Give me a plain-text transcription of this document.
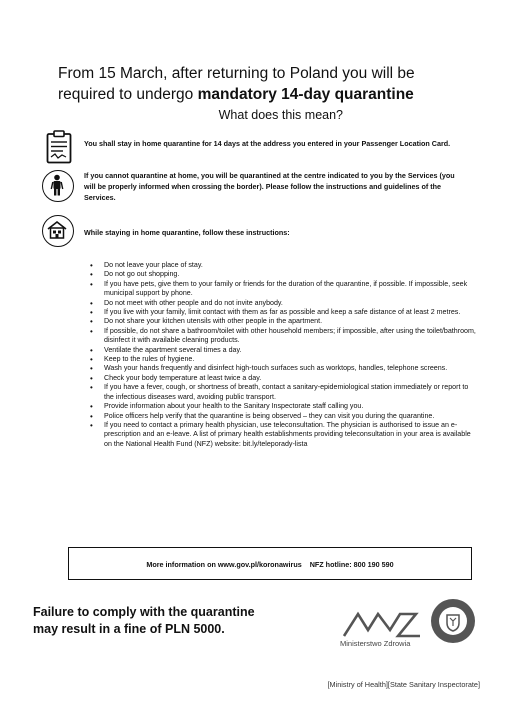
From 15 March, after returning to Poland you will be
required to undergo mandatory 14-day quarantine
What does this mean?
You shall stay in home quarantine for 14 days at the address you entered in your Passenger Location Card.
If you cannot quarantine at home, you will be quarantined at the centre indicated to you by the Services (you will be properly informed when crossing the border). Please follow the instructions and guidelines of the Services.
While staying in home quarantine, follow these instructions:
• Do not leave your place of stay.
• Do not go out shopping.
• If you have pets, give them to your family or friends for the duration of the quarantine, if possible. If impossible, seek municipal support by phone.
• Do not meet with other people and do not invite anybody.
• If you live with your family, limit contact with them as far as possible and keep a safe distance of at least 2 metres.
• Do not share your kitchen utensils with other people in the apartment.
• If possible, do not share a bathroom/toilet with other household members; if impossible, after using the toilet/bathroom, disinfect it with available cleaning products.
• Ventilate the apartment several times a day.
• Keep to the rules of hygiene.
• Wash your hands frequently and disinfect high-touch surfaces such as worktops, handles, telephone screens.
• Check your body temperature at least twice a day.
• If you have a fever, cough, or shortness of breath, contact a sanitary-epidemiological station immediately or report to the infectious diseases ward, avoiding public transport.
• Provide information about your health to the Sanitary Inspectorate staff calling you.
• Police officers help verify that the quarantine is being observed – they can visit you during the quarantine.
• If you need to contact a primary health physician, use teleconsultation. The physician is authorised to issue an e-prescription and an e-leave. A list of primary health establishments providing teleconsultation in your area is available on the National Health Fund (NFZ) website: bit.ly/teleporady-lista
More information on www.gov.pl/koronawirus NFZ hotline: 800 190 590
Failure to comply with the quarantine may result in a fine of PLN 5000.
Ministerstwo Zdrowia
[Ministry of Health][State Sanitary Inspectorate]
